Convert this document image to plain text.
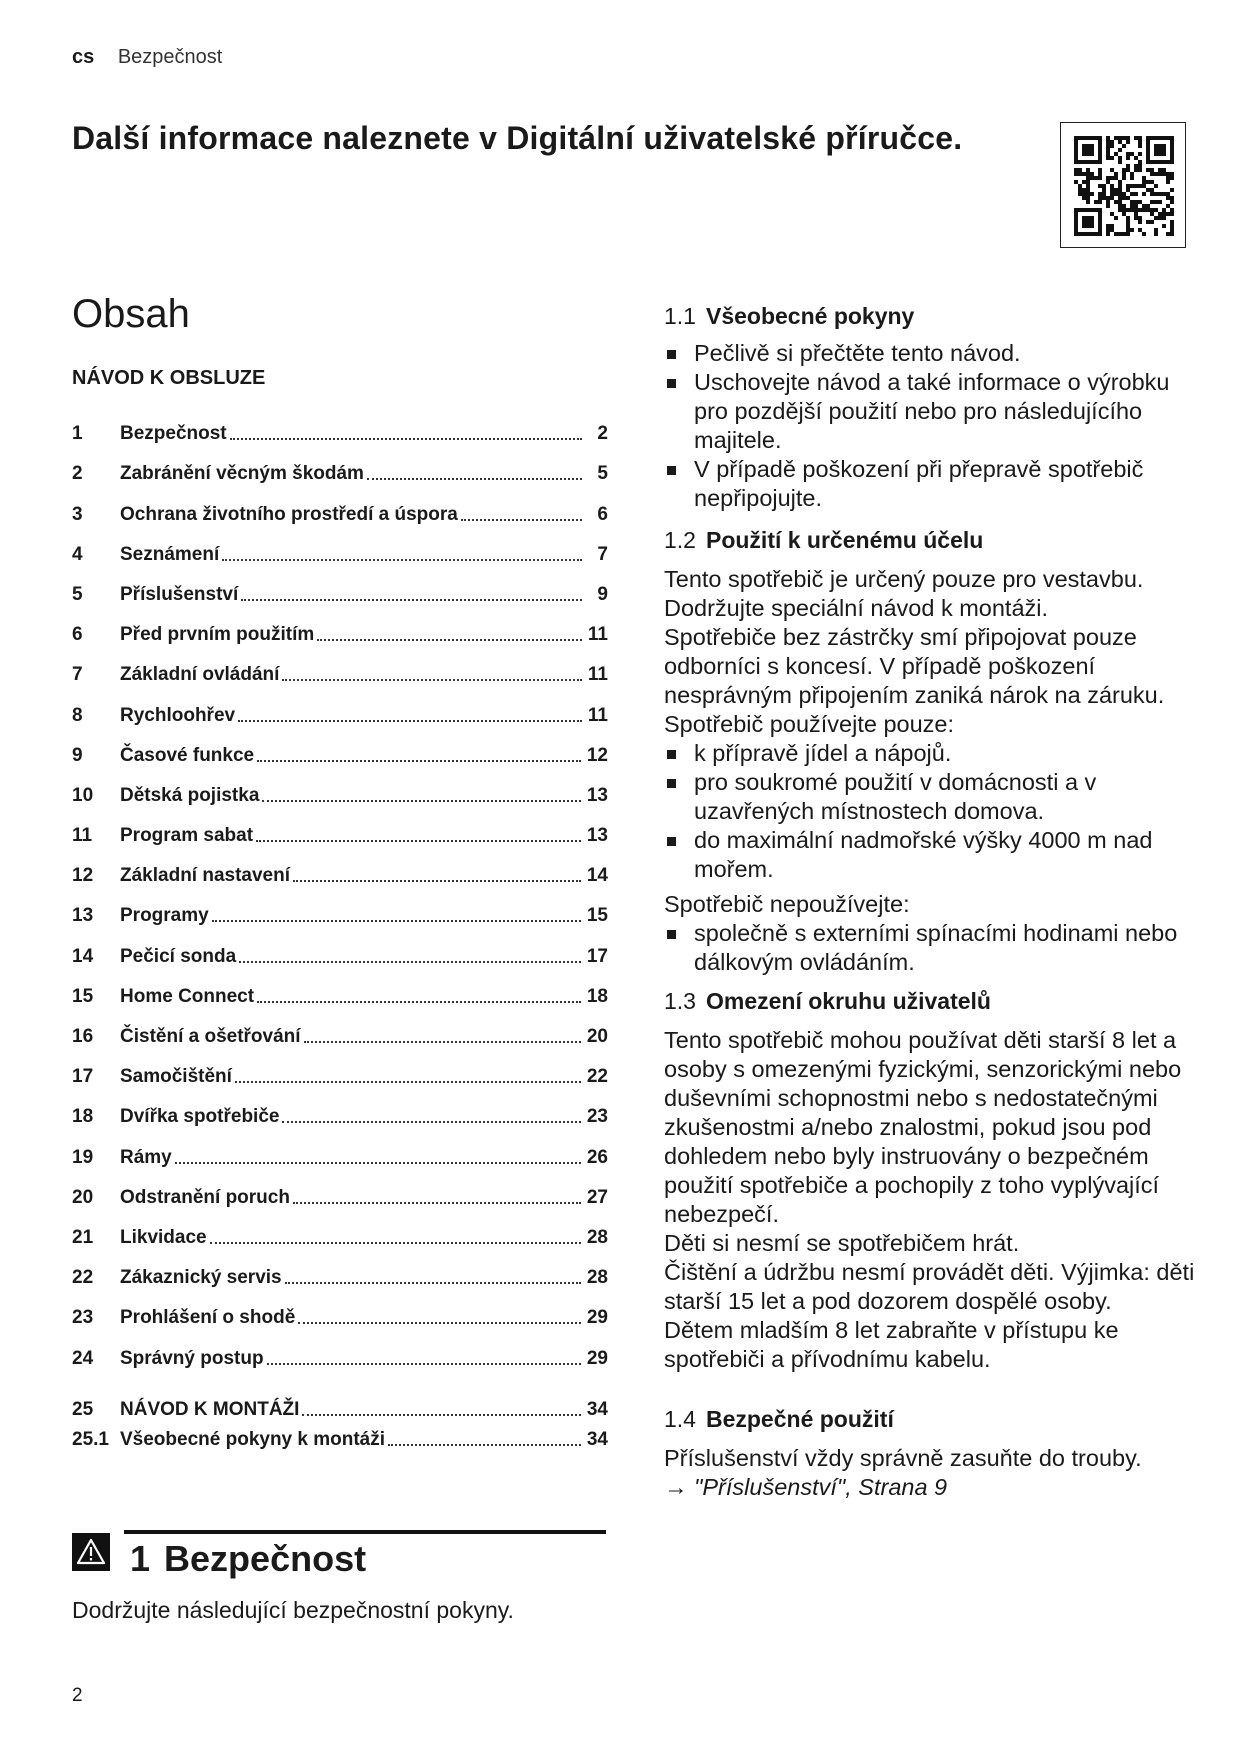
cs Bezpečnost
Další informace naleznete v Digitální uživatelské příručce.
Obsah
NÁVOD K OBSLUZE
1	Bezpečnost	2
2	Zabránění věcným škodám	5
3	Ochrana životního prostředí a úspora	6
4	Seznámení	7
5	Příslušenství	9
6	Před prvním použitím	11
7	Základní ovládání	11
8	Rychloohřev	11
9	Časové funkce	12
10	Dětská pojistka	13
11	Program sabat	13
12	Základní nastavení	14
13	Programy	15
14	Pečicí sonda	17
15	Home Connect	18
16	Čistění a ošetřování	20
17	Samočištění	22
18	Dvířka spotřebiče	23
19	Rámy	26
20	Odstranění poruch	27
21	Likvidace	28
22	Zákaznický servis	28
23	Prohlášení o shodě	29
24	Správný postup	29
25	NÁVOD K MONTÁŽI	34
25.1 Všeobecné pokyny k montáži	34
1 Bezpečnost
Dodržujte následující bezpečnostní pokyny.
2
1.1 Všeobecné pokyny
Pečlivě si přečtěte tento návod.
Uschovejte návod a také informace o výrobku pro pozdější použití nebo pro následujícího majitele.
V případě poškození při přepravě spotřebič nepřipojujte.
1.2 Použití k určenému účelu

Tento spotřebič je určený pouze pro vestavbu. Dodržujte speciální návod k montáži.

Spotřebiče bez zástrčky smí připojovat pouze odborníci s koncesí. V případě poškození nesprávným připojením zaniká nárok na záruku.

Spotřebič používejte pouze:

k přípravě jídel a nápojů.
pro soukromé použití v domácnosti a v uzavřených místnostech domova.
do maximální nadmořské výšky 4000 m nad mořem.

Spotřebič nepoužívejte:

společně s externími spínacími hodinami nebo dálkovým ovládáním.
1.3 Omezení okruhu uživatelů

Tento spotřebič mohou používat děti starší 8 let a osoby s omezenými fyzickými, senzorickými nebo duševními schopnostmi nebo s nedostatečnými zkušenostmi a/nebo znalostmi, pokud jsou pod dohledem nebo byly instruovány o bezpečném použití spotřebiče a pochopily z toho vyplývající nebezpečí.

Děti si nesmí se spotřebičem hrát.

Čištění a údržbu nesmí provádět děti. Výjimka: děti starší 15 let a pod dozorem dospělé osoby.

Dětem mladším 8 let zabraňte v přístupu ke spotřebiči a přívodnímu kabelu.

1.4 Bezpečné použití

Příslušenství vždy správně zasuňte do trouby.

→ "Příslušenství", Strana 9
